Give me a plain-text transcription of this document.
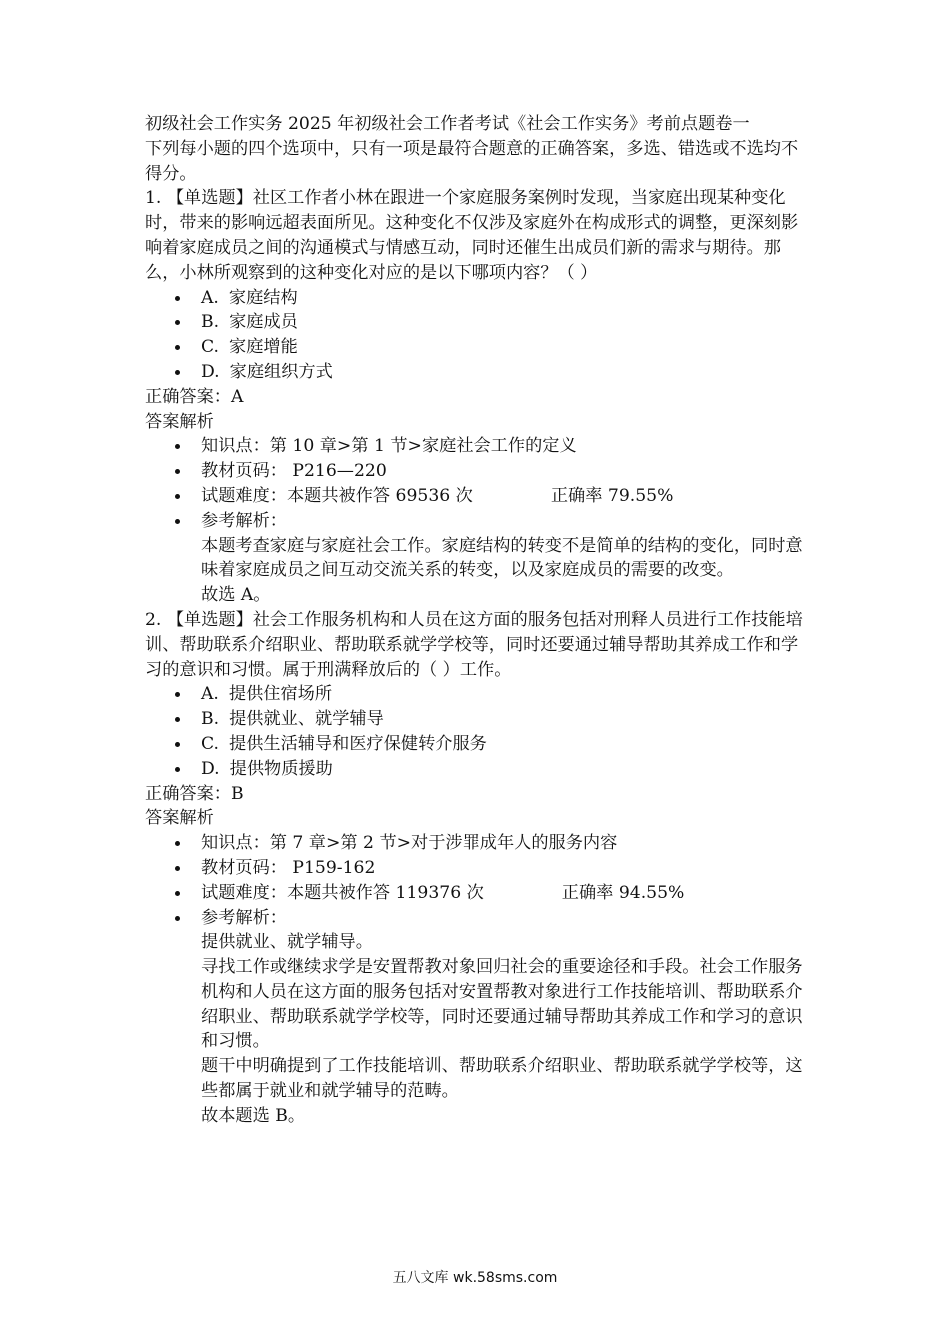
初级社会工作实务 2025 年初级社会工作者考试《社会工作实务》考前点题卷一

下列每小题的四个选项中，只有一项是最符合题意的正确答案，多选、错选或不选均不得分。

1. 【单选题】社区工作者小林在跟进一个家庭服务案例时发现，当家庭出现某种变化时，带来的影响远超表面所见。这种变化不仅涉及家庭外在构成形式的调整，更深刻影响着家庭成员之间的沟通模式与情感互动，同时还催生出成员们新的需求与期待。那么，小林所观察到的这种变化对应的是以下哪项内容？（ ）

A. 家庭结构
B. 家庭成员
C. 家庭增能
D. 家庭组织方式

正确答案：A

答案解析

知识点：第 10 章>第 1 节>家庭社会工作的定义
教材页码： P216—220
试题难度：本题共被作答 69536 次	正确率 79.55%
参考解析：
本题考查家庭与家庭社会工作。家庭结构的转变不是简单的结构的变化，同时意味着家庭成员之间互动交流关系的转变，以及家庭成员的需要的改变。
故选 A。

2. 【单选题】社会工作服务机构和人员在这方面的服务包括对刑释人员进行工作技能培训、帮助联系介绍职业、帮助联系就学学校等，同时还要通过辅导帮助其养成工作和学习的意识和习惯。属于刑满释放后的（ ）工作。

A. 提供住宿场所
B. 提供就业、就学辅导
C. 提供生活辅导和医疗保健转介服务
D. 提供物质援助

正确答案：B

答案解析

知识点：第 7 章>第 2 节>对于涉罪成年人的服务内容
教材页码： P159-162
试题难度：本题共被作答 119376 次	正确率 94.55%
参考解析：
提供就业、就学辅导。
寻找工作或继续求学是安置帮教对象回归社会的重要途径和手段。社会工作服务机构和人员在这方面的服务包括对安置帮教对象进行工作技能培训、帮助联系介绍职业、帮助联系就学学校等，同时还要通过辅导帮助其养成工作和学习的意识和习惯。
题干中明确提到了工作技能培训、帮助联系介绍职业、帮助联系就学学校等，这些都属于就业和就学辅导的范畴。
故本题选 B。
五八文库 wk.58sms.com
